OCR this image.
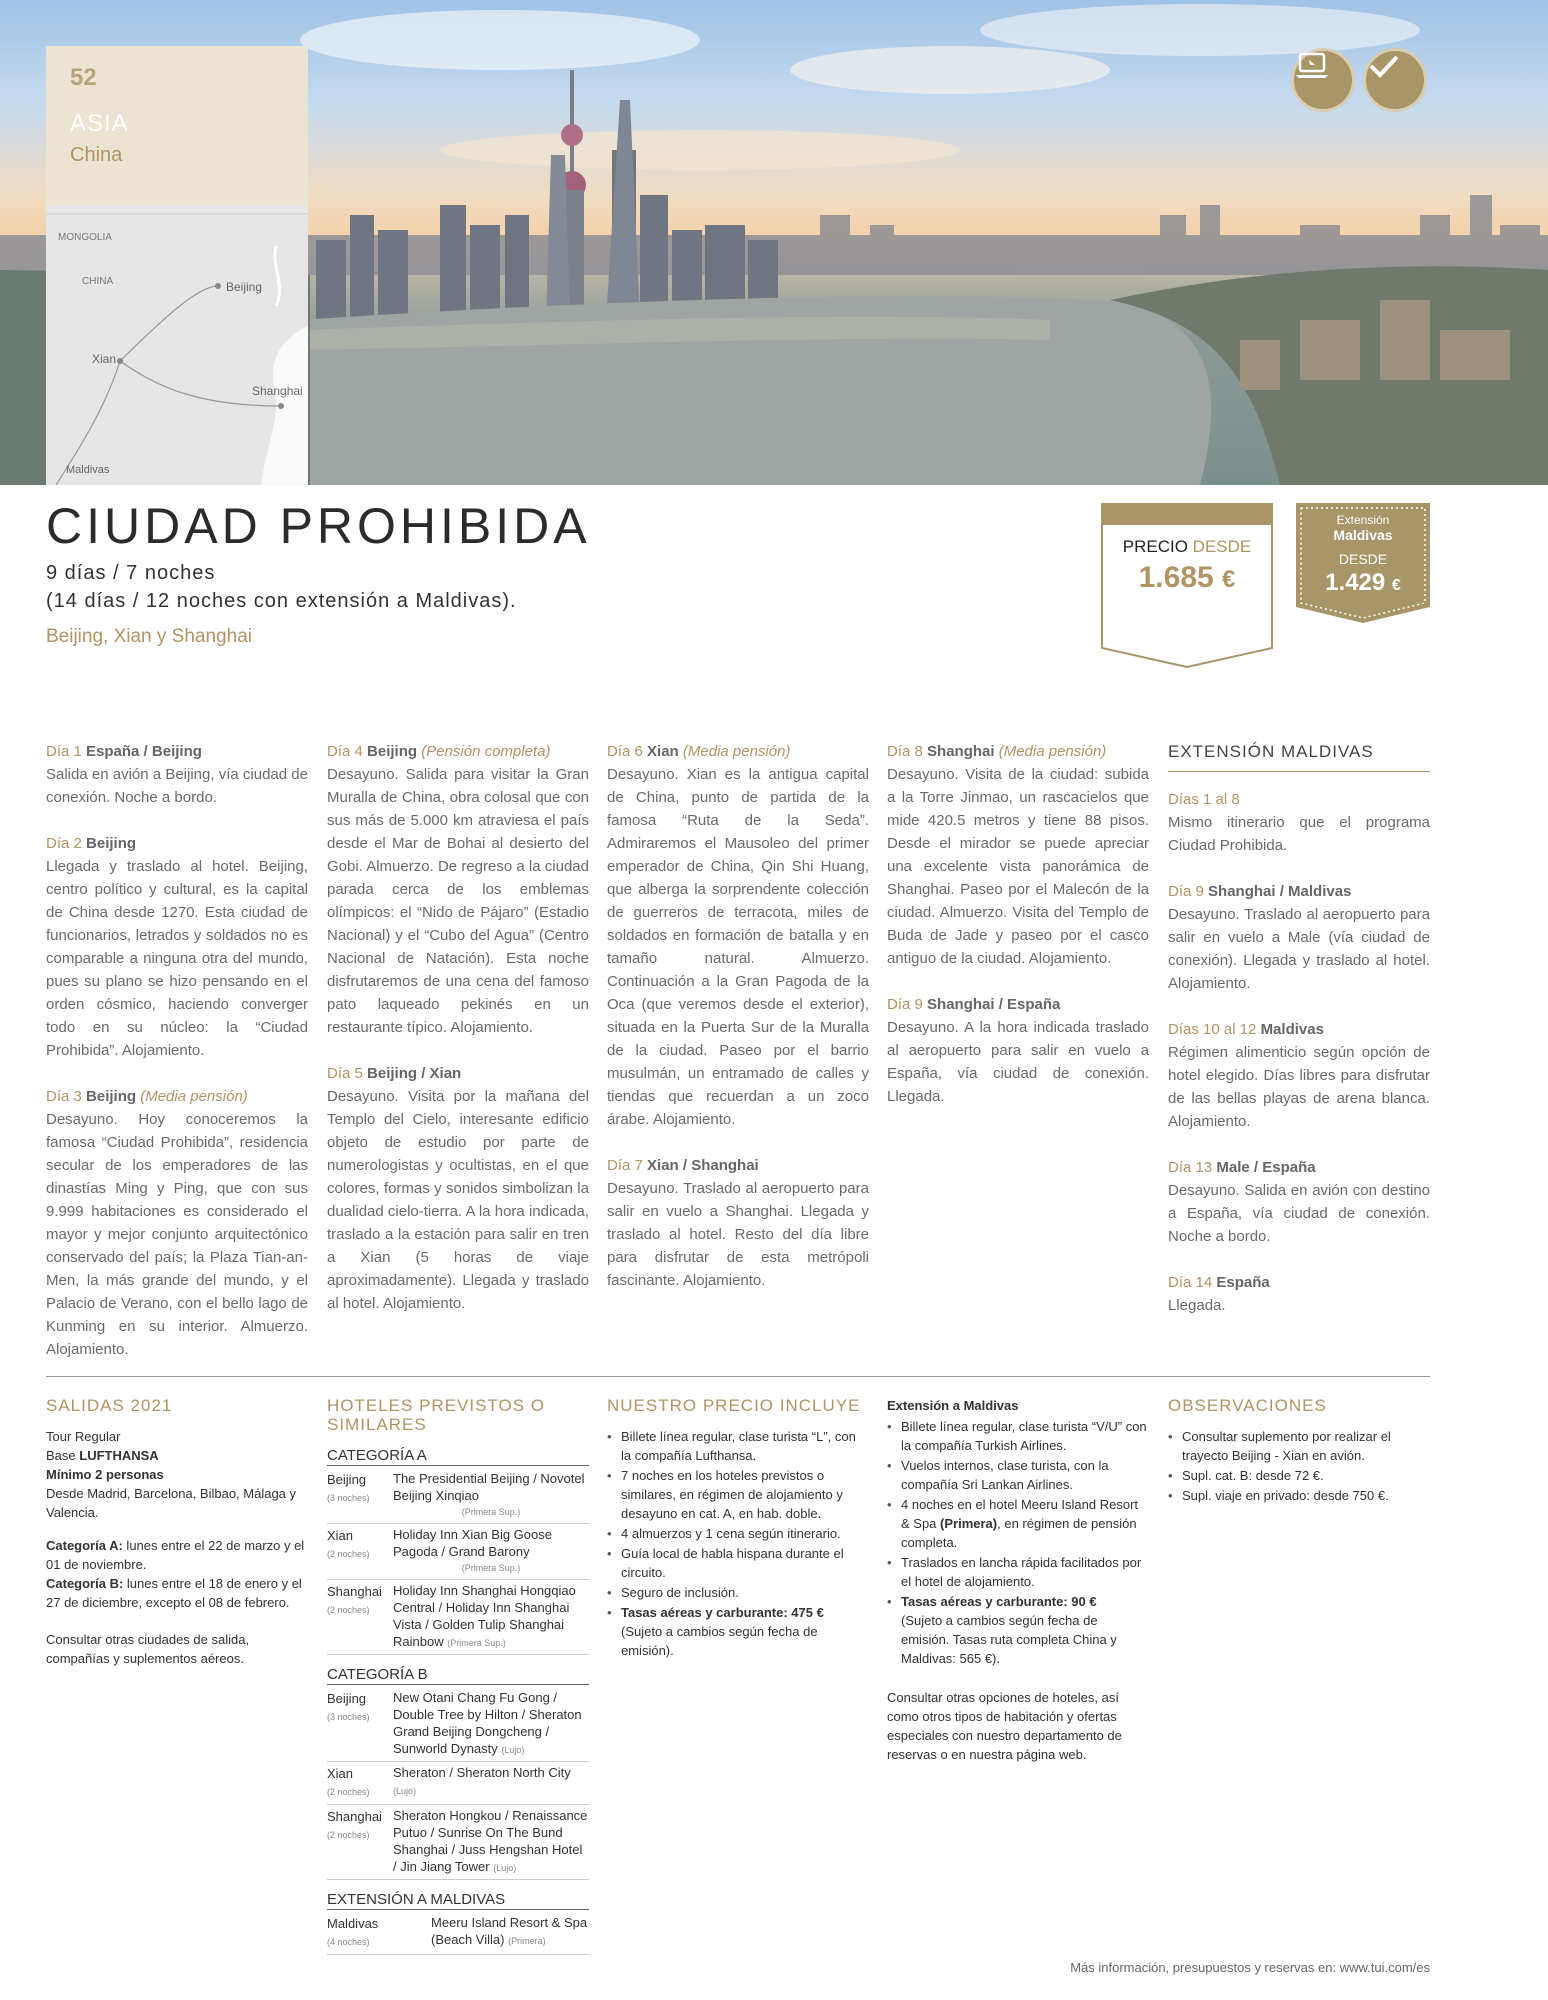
52
ASIA
China
MONGOLIA
CHINA	Beijing
Xian
Shanghai
Maldivas
CIUDAD PROHIBIDA
9 días / 7 noches
(14 días / 12 noches con extensión a Maldivas).
Beijing, Xian y Shanghai
PRECIO DESDE
1.685 €
Extensión
Maldivas
DESDE
1.429 €

Día 1 España / Beijing
Salida en avión a Beijing, vía ciudad de conexión. Noche a bordo.

Día 2 Beijing
Llegada y traslado al hotel. Beijing, centro político y cultural, es la capital de China desde 1270. Esta ciudad de funcionarios, letrados y soldados no es comparable a ninguna otra del mundo, pues su plano se hizo pensando en el orden cósmico, haciendo converger todo en su núcleo: la “Ciudad Prohibida”. Alojamiento.

Día 3 Beijing (Media pensión)
Desayuno. Hoy conoceremos la famosa “Ciudad Prohibida”, residencia secular de los emperadores de las dinastías Ming y Ping, que con sus 9.999 habitaciones es considerado el mayor y mejor conjunto arquitectónico conservado del país; la Plaza Tian-an-Men, la más grande del mundo, y el Palacio de Verano, con el bello lago de Kunming en su interior. Almuerzo. Alojamiento.

Día 4 Beijing (Pensión completa)
Desayuno. Salida para visitar la Gran Muralla de China, obra colosal que con sus más de 5.000 km atraviesa el país desde el Mar de Bohai al desierto del Gobi. Almuerzo. De regreso a la ciudad parada cerca de los emblemas olímpicos: el “Nido de Pájaro” (Estadio Nacional) y el “Cubo del Agua” (Centro Nacional de Natación). Esta noche disfrutaremos de una cena del famoso pato laqueado pekinés en un restaurante típico. Alojamiento.

Día 5 Beijing / Xian
Desayuno. Visita por la mañana del Templo del Cielo, interesante edificio objeto de estudio por parte de numerologistas y ocultistas, en el que colores, formas y sonidos simbolizan la dualidad cielo-tierra. A la hora indicada, traslado a la estación para salir en tren a Xian (5 horas de viaje aproximadamente). Llegada y traslado al hotel. Alojamiento.

Día 6 Xian (Media pensión)
Desayuno. Xian es la antigua capital de China, punto de partida de la famosa “Ruta de la Seda”. Admiraremos el Mausoleo del primer emperador de China, Qin Shi Huang, que alberga la sorprendente colección de guerreros de terracota, miles de soldados en formación de batalla y en tamaño natural. Almuerzo. Continuación a la Gran Pagoda de la Oca (que veremos desde el exterior), situada en la Puerta Sur de la Muralla de la ciudad. Paseo por el barrio musulmán, un entramado de calles y tiendas que recuerdan a un zoco árabe. Alojamiento.

Día 7 Xian / Shanghai
Desayuno. Traslado al aeropuerto para salir en vuelo a Shanghai. Llegada y traslado al hotel. Resto del día libre para disfrutar de esta metrópoli fascinante. Alojamiento.

Día 8 Shanghai (Media pensión)
Desayuno. Visita de la ciudad: subida a la Torre Jinmao, un rascacielos que mide 420.5 metros y tiene 88 pisos. Desde el mirador se puede apreciar una excelente vista panorámica de Shanghai. Paseo por el Malecón de la ciudad. Almuerzo. Visita del Templo de Buda de Jade y paseo por el casco antiguo de la ciudad. Alojamiento.

Día 9 Shanghai / España
Desayuno. A la hora indicada traslado al aeropuerto para salir en vuelo a España, vía ciudad de conexión. Llegada.

EXTENSIÓN MALDIVAS

Días 1 al 8
Mismo itinerario que el programa Ciudad Prohibida.

Día 9 Shanghai / Maldivas
Desayuno. Traslado al aeropuerto para salir en vuelo a Male (vía ciudad de conexión). Llegada y traslado al hotel. Alojamiento.

Días 10 al 12 Maldivas
Régimen alimenticio según opción de hotel elegido. Días libres para disfrutar de las bellas playas de arena blanca. Alojamiento.

Día 13 Male / España
Desayuno. Salida en avión con destino a España, vía ciudad de conexión. Noche a bordo.

Día 14 España
Llegada.

SALIDAS 2021
Tour Regular
Base LUFTHANSA
Mínimo 2 personas
Desde Madrid, Barcelona, Bilbao, Málaga y Valencia.
Categoría A: lunes entre el 22 de marzo y el 01 de noviembre.
Categoría B: lunes entre el 18 de enero y el 27 de diciembre, excepto el 08 de febrero.
Consultar otras ciudades de salida, compañías y suplementos aéreos.
HOTELES PREVISTOS O SIMILARES
CATEGORÍA A
Beijing
(3 noches)
The Presidential Beijing / Novotel Beijing Xinqiao
(Primera Sup.)
Xian
(2 noches)
Holiday Inn Xian Big Goose Pagoda / Grand Barony
(Primera Sup.)
Shanghai
(2 noches)
Holiday Inn Shanghai Hongqiao Central / Holiday Inn Shanghai Vista / Golden Tulip Shanghai Rainbow (Primera Sup.)
CATEGORÍA B
Beijing
(3 noches)
New Otani Chang Fu Gong / Double Tree by Hilton / Sheraton Grand Beijing Dongcheng / Sunworld Dynasty (Lujo)
Xian
(2 noches)
Sheraton / Sheraton North City (Lujo)
Shanghai
(2 noches)
Sheraton Hongkou / Renaissance Putuo / Sunrise On The Bund Shanghai / Juss Hengshan Hotel / Jin Jiang Tower (Lujo)
EXTENSIÓN A MALDIVAS
Maldivas
(4 noches)
Meeru Island Resort & Spa (Beach Villa) (Primera)
NUESTRO PRECIO INCLUYE
• Billete línea regular, clase turista “L”, con la compañía Lufthansa.
• 7 noches en los hoteles previstos o similares, en régimen de alojamiento y desayuno en cat. A, en hab. doble.
• 4 almuerzos y 1 cena según itinerario.
• Guía local de habla hispana durante el circuito.
• Seguro de inclusión.
• Tasas aéreas y carburante: 475 €
(Sujeto a cambios según fecha de emisión).
Extensión a Maldivas
• Billete línea regular, clase turista “V/U” con la compañía Turkish Airlines.
• Vuelos internos, clase turista, con la compañía Sri Lankan Airlines.
• 4 noches en el hotel Meeru Island Resort & Spa (Primera), en régimen de pensión completa.
• Traslados en lancha rápida facilitados por el hotel de alojamiento.
• Tasas aéreas y carburante: 90 €
(Sujeto a cambios según fecha de emisión. Tasas ruta completa China y Maldivas: 565 €).
Consultar otras opciones de hoteles, así como otros tipos de habitación y ofertas especiales con nuestro departamento de reservas o en nuestra página web.
OBSERVACIONES
• Consultar suplemento por realizar el trayecto Beijing - Xian en avión.
• Supl. cat. B: desde 72 €.
• Supl. viaje en privado: desde 750 €.
Más información, presupuestos y reservas en: www.tui.com/es
